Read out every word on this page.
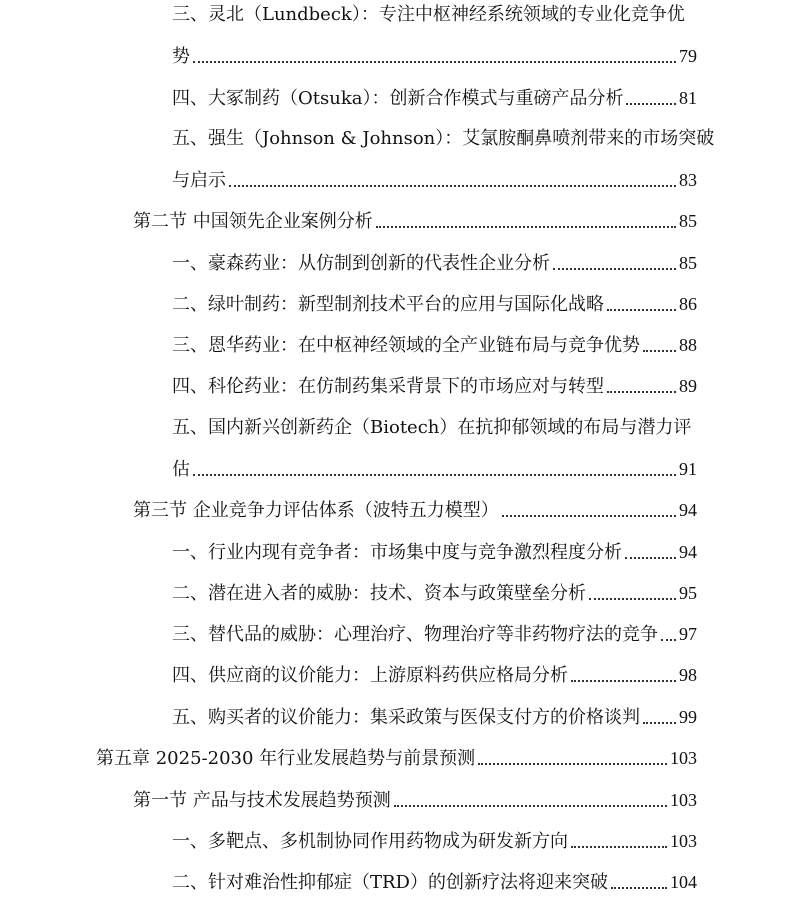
三、灵北（Lundbeck）：专注中枢神经系统领域的专业化竞争优
势	79
四、大冢制药（Otsuka）：创新合作模式与重磅产品分析	81
五、强生（Johnson & Johnson）：艾氯胺酮鼻喷剂带来的市场突破
与启示	83
第二节 中国领先企业案例分析	85
一、豪森药业：从仿制到创新的代表性企业分析	85
二、绿叶制药：新型制剂技术平台的应用与国际化战略	86
三、恩华药业：在中枢神经领域的全产业链布局与竞争优势 88
四、科伦药业：在仿制药集采背景下的市场应对与转型	89
五、国内新兴创新药企（Biotech）在抗抑郁领域的布局与潜力评
估	91
第三节 企业竞争力评估体系（波特五力模型）	94
一、行业内现有竞争者：市场集中度与竞争激烈程度分析	94
二、潜在进入者的威胁：技术、资本与政策壁垒分析	95
三、替代品的威胁：心理治疗、物理治疗等非药物疗法的竞争 97
四、供应商的议价能力：上游原料药供应格局分析	98
五、购买者的议价能力：集采政策与医保支付方的价格谈判 99
第五章 2025-2030 年行业发展趋势与前景预测	103
第一节 产品与技术发展趋势预测	103
一、多靶点、多机制协同作用药物成为研发新方向	103
二、针对难治性抑郁症（TRD）的创新疗法将迎来突破	104
